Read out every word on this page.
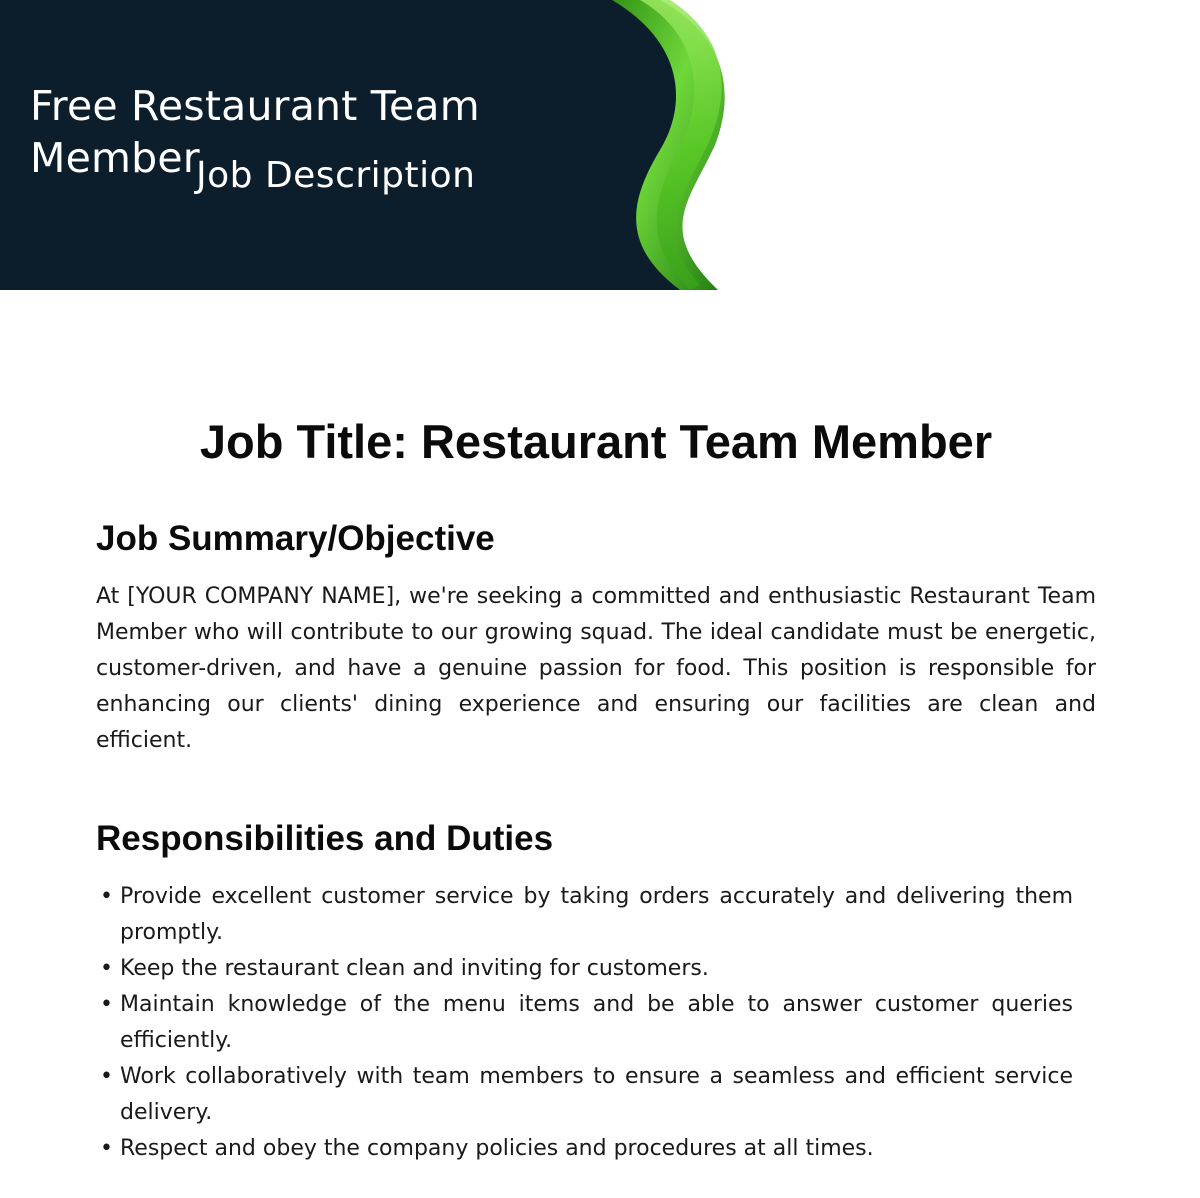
Free Restaurant Team Member
Job Description
Job Title: Restaurant Team Member
Job Summary/Objective

At [YOUR COMPANY NAME], we're seeking a committed and enthusiastic Restaurant Team Member who will contribute to our growing squad. The ideal candidate must be energetic, customer-driven, and have a genuine passion for food. This position is responsible for enhancing our clients' dining experience and ensuring our facilities are clean and efficient.

Responsibilities and Duties
• Provide excellent customer service by taking orders accurately and delivering them promptly.
• Keep the restaurant clean and inviting for customers.
• Maintain knowledge of the menu items and be able to answer customer queries efficiently.
• Work collaboratively with team members to ensure a seamless and efficient service delivery.
• Respect and obey the company policies and procedures at all times.
